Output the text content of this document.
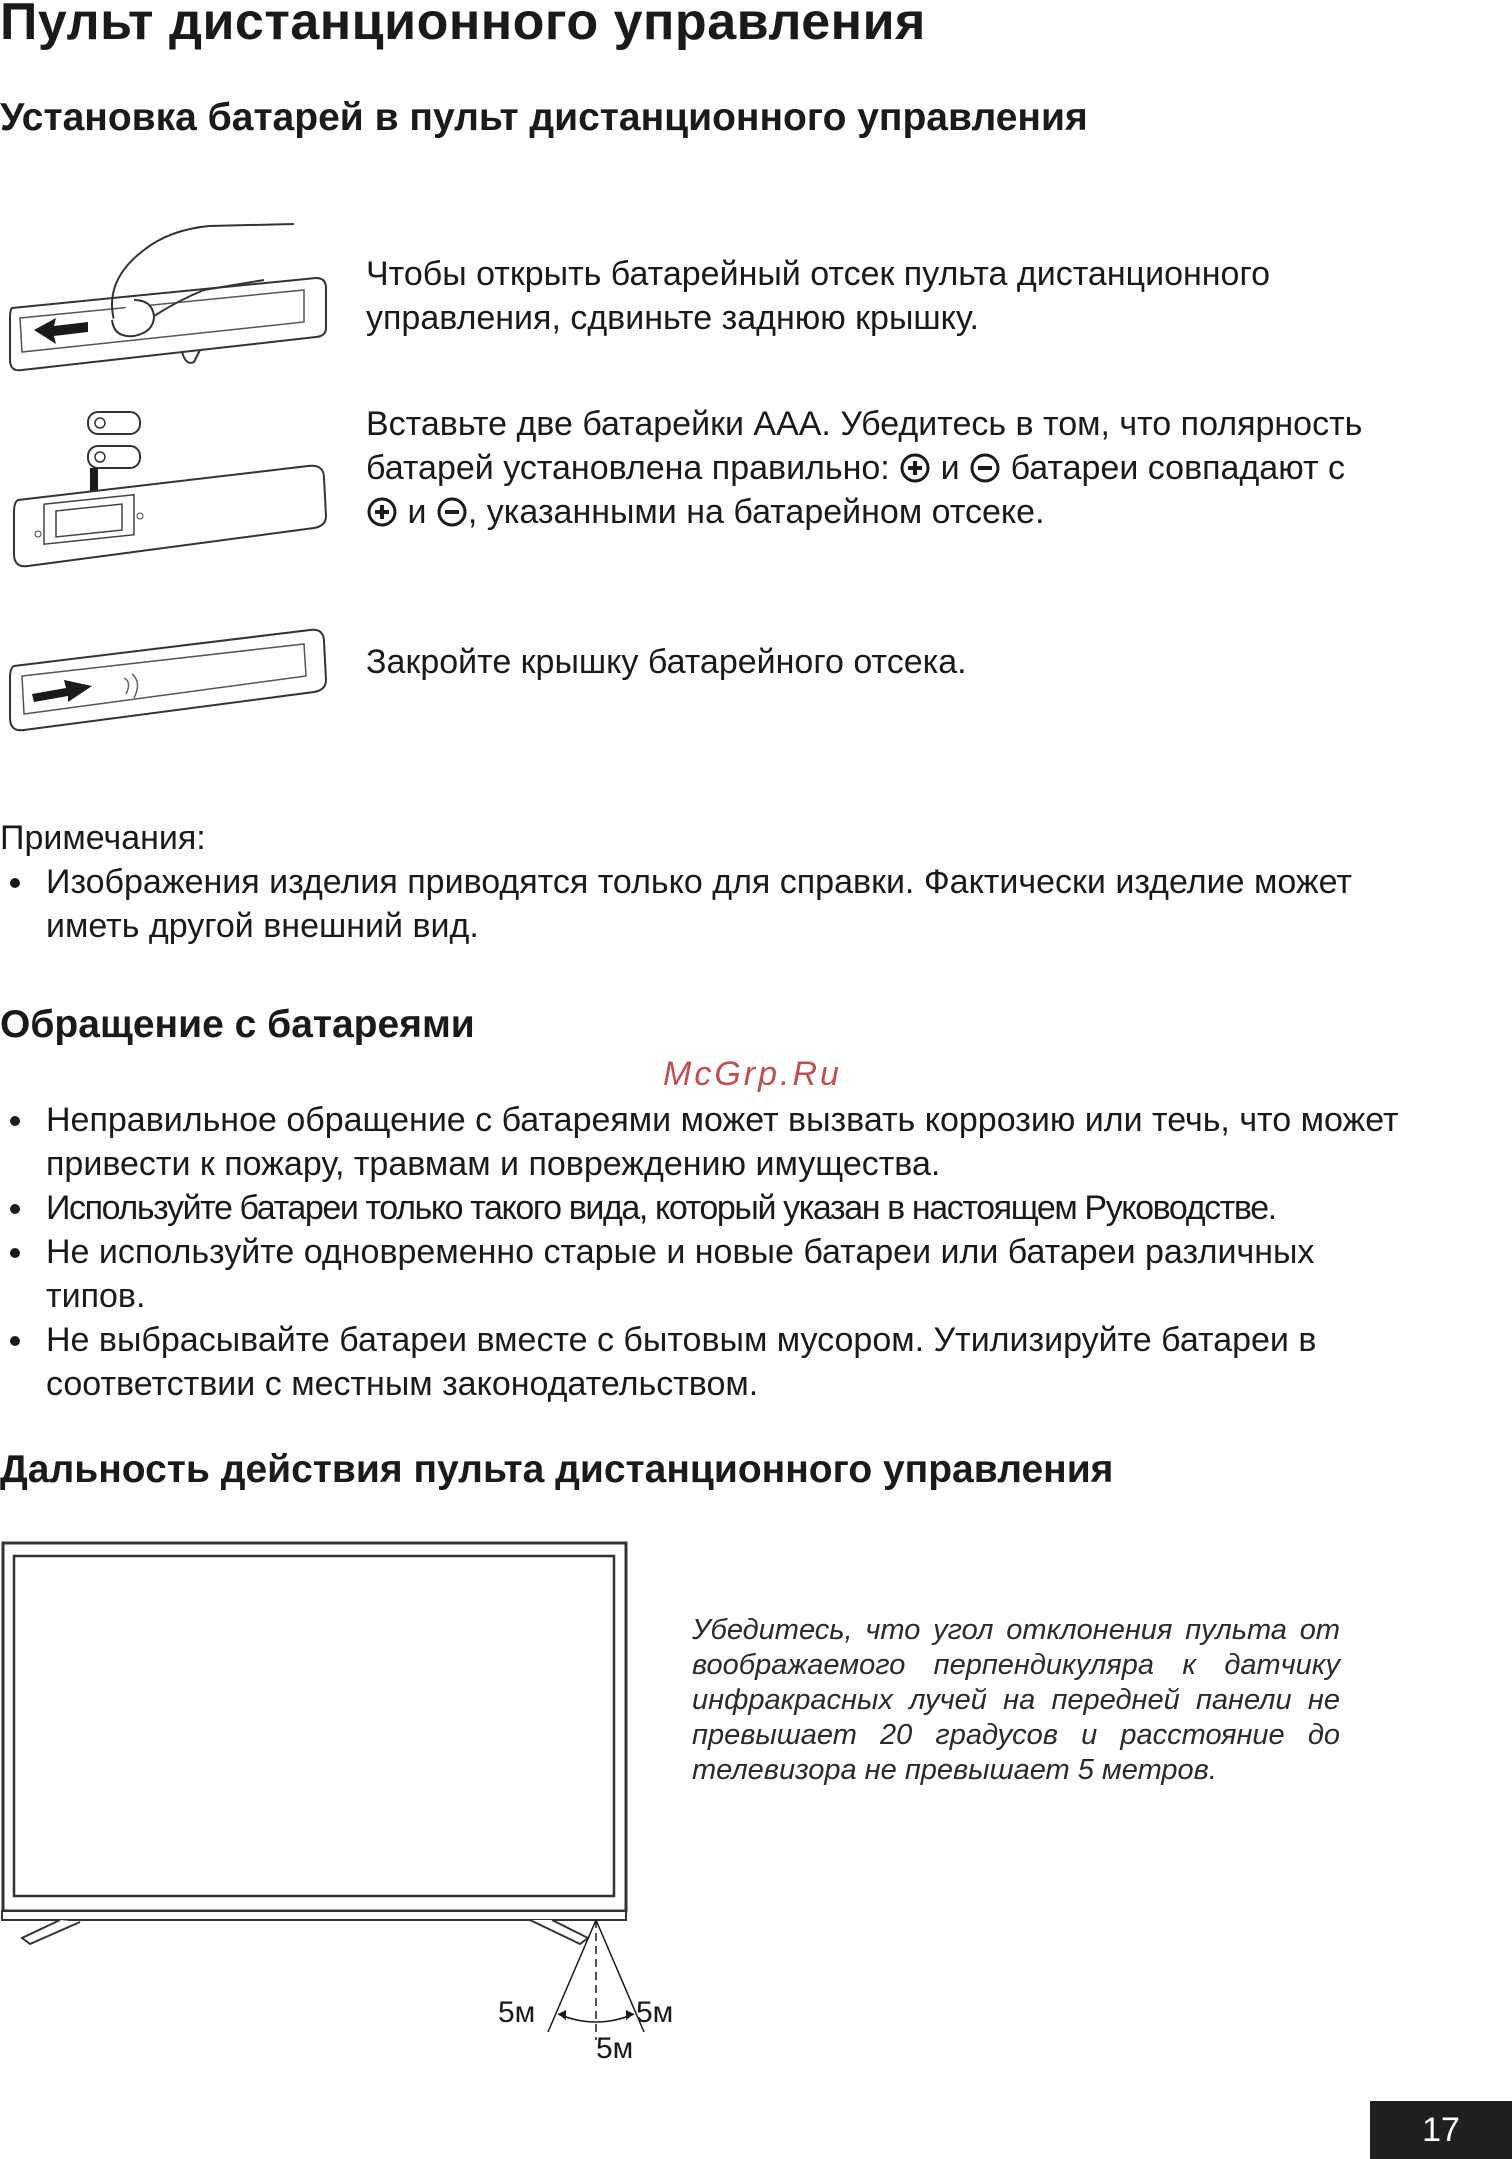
Пульт дистанционного управления
Установка батарей в пульт дистанционного управления
Чтобы открыть батарейный отсек пульта дистанционного управления, сдвиньте заднюю крышку.
Вставьте две батарейки AAA. Убедитесь в том, что полярность батарей установлена правильно: и батареи совпадают с  и , указанными на батарейном отсеке.
Закройте крышку батарейного отсека.
Примечания:
Изображения изделия приводятся только для справки. Фактически изделие может иметь другой внешний вид.
Обращение с батареями
McGrp.Ru
Неправильное обращение с батареями может вызвать коррозию или течь, что может привести к пожару, травмам и повреждению имущества.
Используйте батареи только такого вида, который указан в настоящем Руководстве.
Не используйте одновременно старые и новые батареи или батареи различных типов.
Не выбрасывайте батареи вместе с бытовым мусором. Утилизируйте батареи в соответствии с местным законодательством.
Дальность действия пульта дистанционного управления
5м	5м
5м
Убедитесь, что угол отклонения пульта от воображаемого перпендикуляра к датчику инфракрасных лучей на передней панели не превышает 20 градусов и расстояние до телевизора не превышает 5 метров.
17
